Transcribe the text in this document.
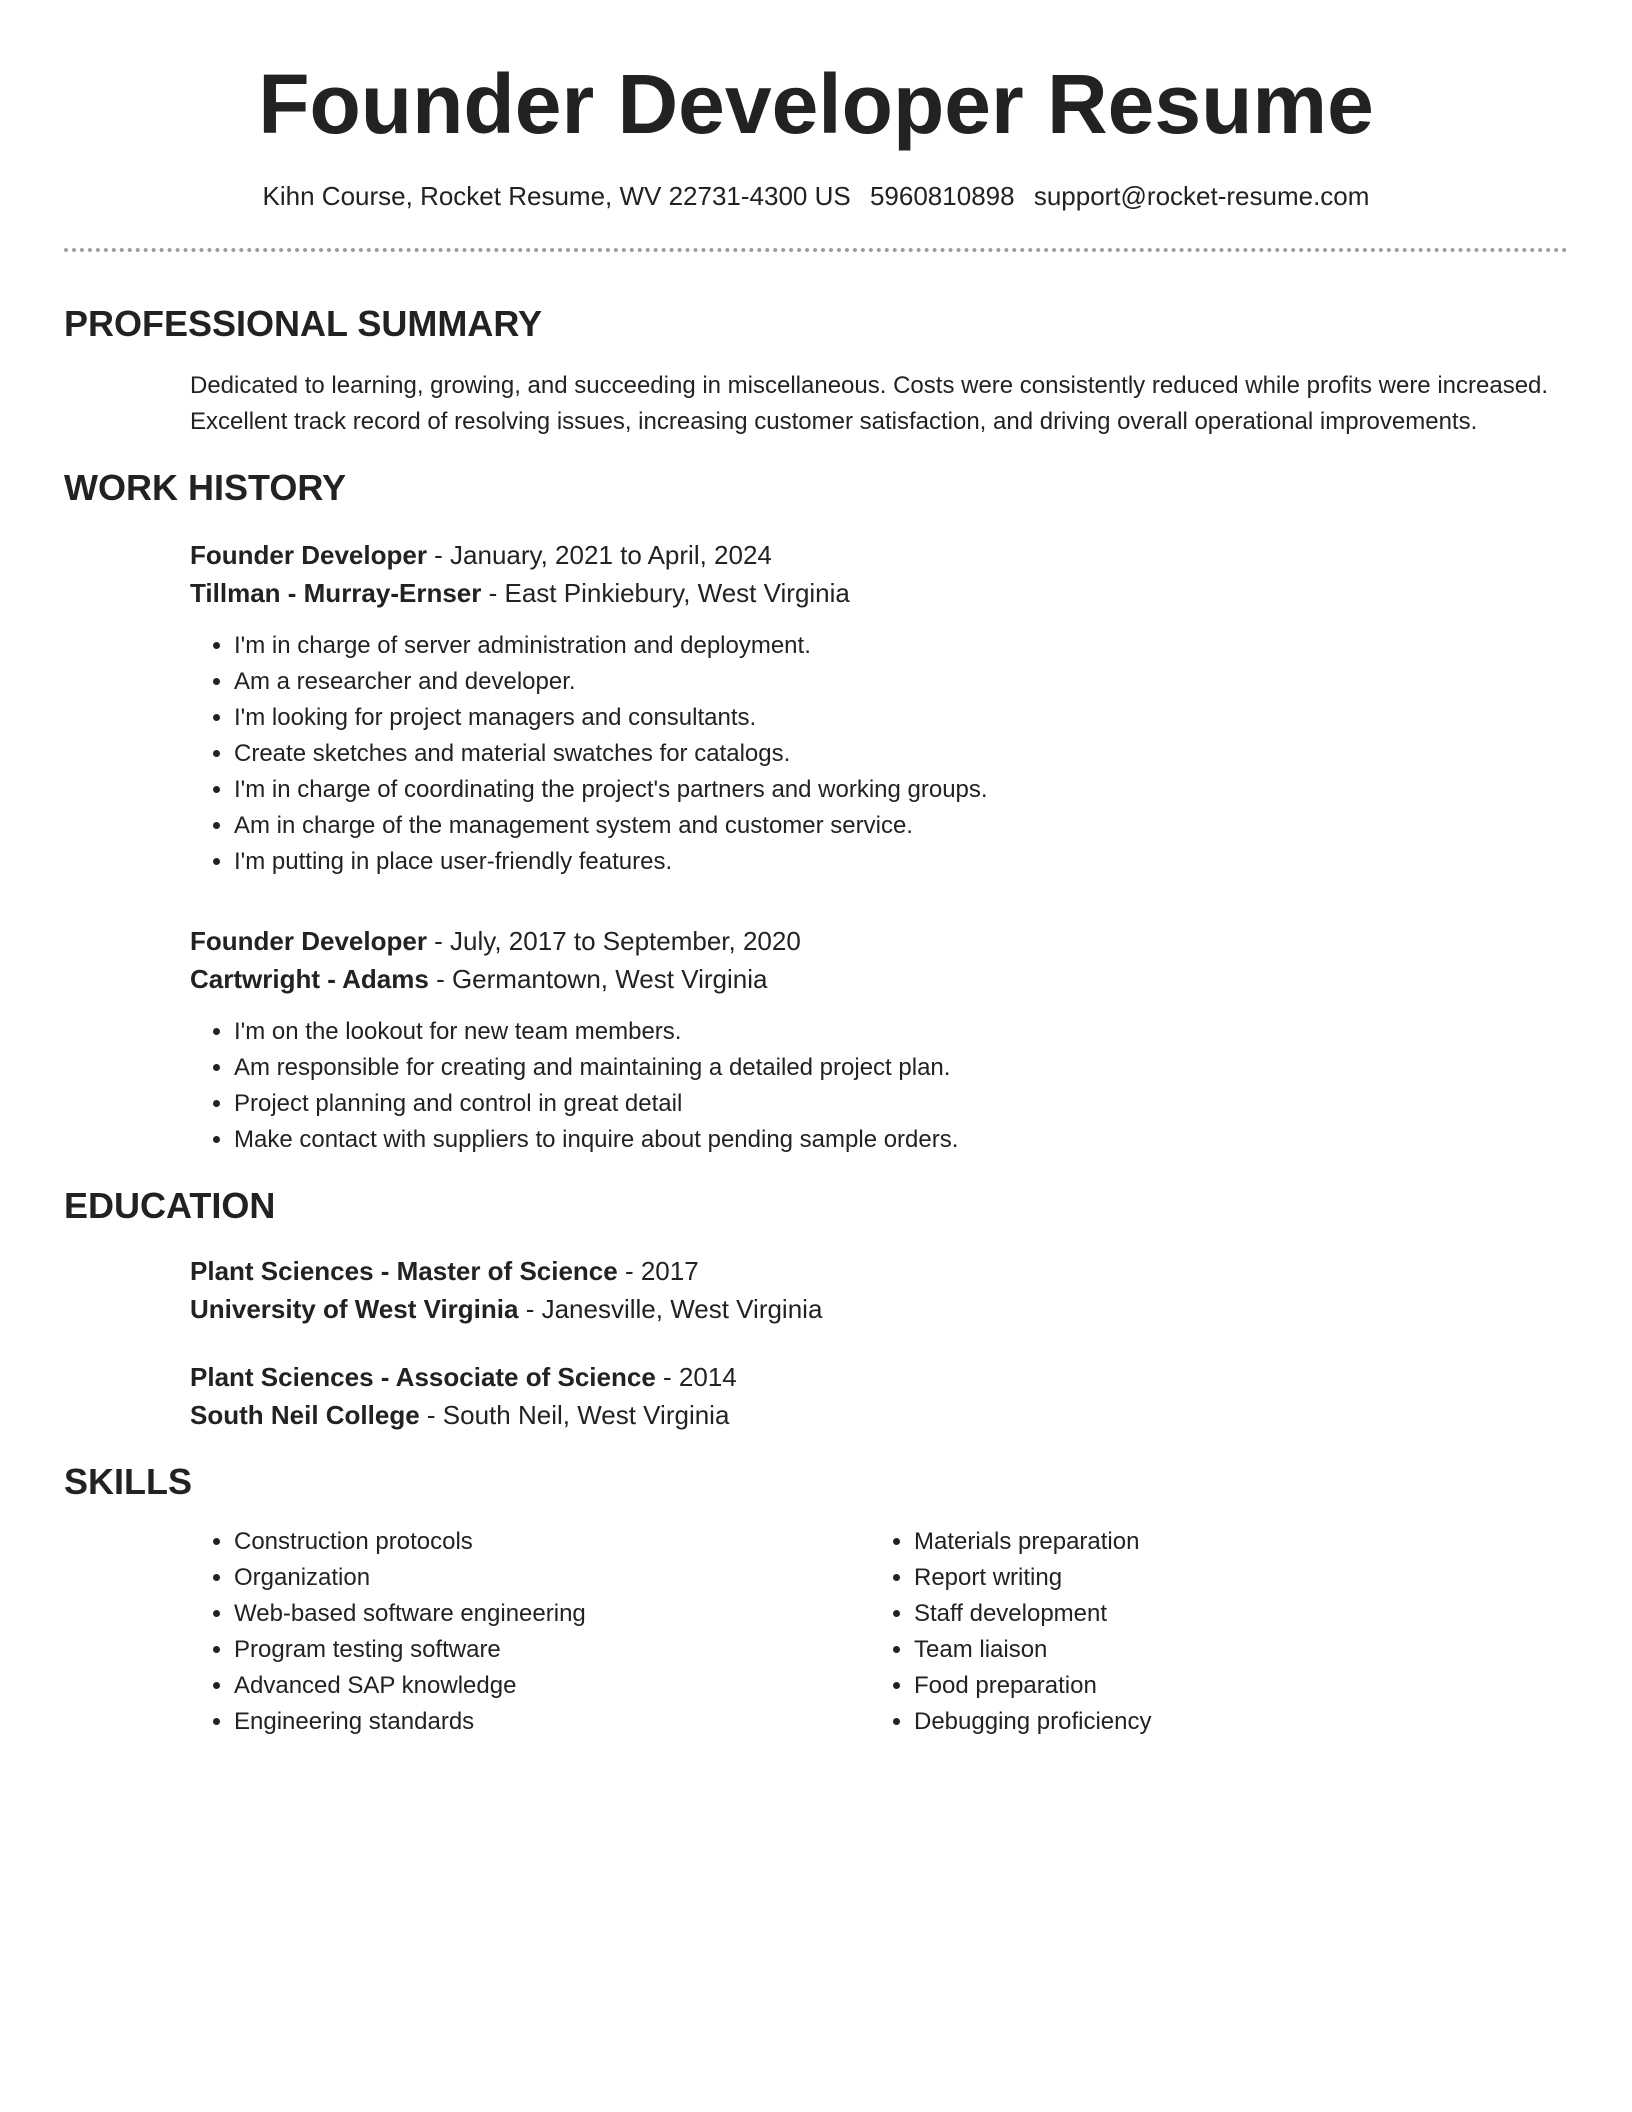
Founder Developer Resume
Kihn Course, Rocket Resume, WV 22731-4300 US 5960810898 support@rocket-resume.com
PROFESSIONAL SUMMARY
Dedicated to learning, growing, and succeeding in miscellaneous. Costs were consistently reduced while profits were increased. Excellent track record of resolving issues, increasing customer satisfaction, and driving overall operational improvements.
WORK HISTORY
Founder Developer - January, 2021 to April, 2024
Tillman - Murray-Ernser - East Pinkiebury, West Virginia
• I'm in charge of server administration and deployment.
• Am a researcher and developer.
• I'm looking for project managers and consultants.
• Create sketches and material swatches for catalogs.
• I'm in charge of coordinating the project's partners and working groups.
• Am in charge of the management system and customer service.
• I'm putting in place user-friendly features.
Founder Developer - July, 2017 to September, 2020
Cartwright - Adams - Germantown, West Virginia
• I'm on the lookout for new team members.
• Am responsible for creating and maintaining a detailed project plan.
• Project planning and control in great detail
• Make contact with suppliers to inquire about pending sample orders.
EDUCATION
Plant Sciences - Master of Science - 2017
University of West Virginia - Janesville, West Virginia
Plant Sciences - Associate of Science - 2014
South Neil College - South Neil, West Virginia
SKILLS
• Construction protocols
• Organization
• Web-based software engineering
• Program testing software
• Advanced SAP knowledge
• Engineering standards
• Materials preparation
• Report writing
• Staff development
• Team liaison
• Food preparation
• Debugging proficiency
